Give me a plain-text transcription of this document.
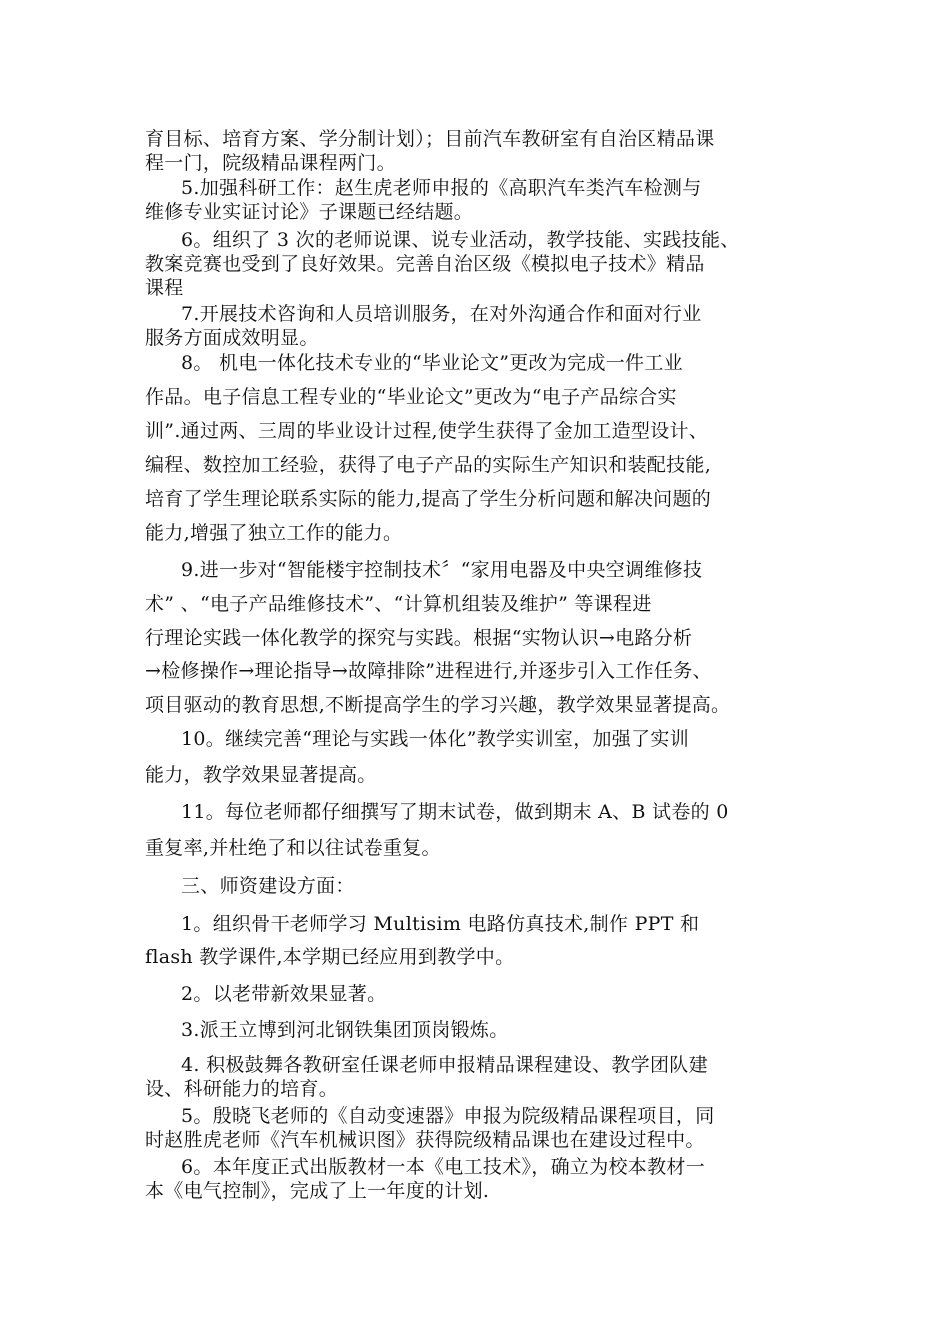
育目标、培育方案、学分制计划）；目前汽车教研室有自治区精品课
程一门，院级精品课程两门。
5.加强科研工作：赵生虎老师申报的《高职汽车类汽车检测与
维修专业实证讨论》子课题已经结题。
6。组织了 3 次的老师说课、说专业活动，教学技能、实践技能、
教案竞赛也受到了良好效果。完善自治区级《模拟电子技术》精品
课程
7.开展技术咨询和人员培训服务，在对外沟通合作和面对行业
服务方面成效明显。
8。 机电一体化技术专业的“毕业论文”更改为完成一件工业
作品。电子信息工程专业的“毕业论文”更改为“电子产品综合实
训”.通过两、三周的毕业设计过程,使学生获得了金加工造型设计、
编程、数控加工经验，获得了电子产品的实际生产知识和装配技能,
培育了学生理论联系实际的能力,提高了学生分析问题和解决问题的
能力,增强了独立工作的能力。
9.进一步对“智能楼宇控制技术〞“家用电器及中央空调维修技
术” 、“电子产品维修技术”、“计算机组装及维护” 等课程进
行理论实践一体化教学的探究与实践。根据“实物认识→电路分析
→检修操作→理论指导→故障排除”进程进行,并逐步引入工作任务、
项目驱动的教育思想,不断提高学生的学习兴趣，教学效果显著提高。
10。继续完善“理论与实践一体化”教学实训室，加强了实训
能力，教学效果显著提高。
11。每位老师都仔细撰写了期末试卷，做到期末 A、B 试卷的 0
重复率,并杜绝了和以往试卷重复。
三、师资建设方面：
1。组织骨干老师学习 Multisim 电路仿真技术,制作 PPT 和
flash 教学课件,本学期已经应用到教学中。
2。以老带新效果显著。
3.派王立博到河北钢铁集团顶岗锻炼。
4. 积极鼓舞各教研室任课老师申报精品课程建设、教学团队建
设、科研能力的培育。
5。殷晓飞老师的《自动变速器》申报为院级精品课程项目，同
时赵胜虎老师《汽车机械识图》获得院级精品课也在建设过程中。
6。本年度正式出版教材一本《电工技术》，确立为校本教材一
本《电气控制》，完成了上一年度的计划.
